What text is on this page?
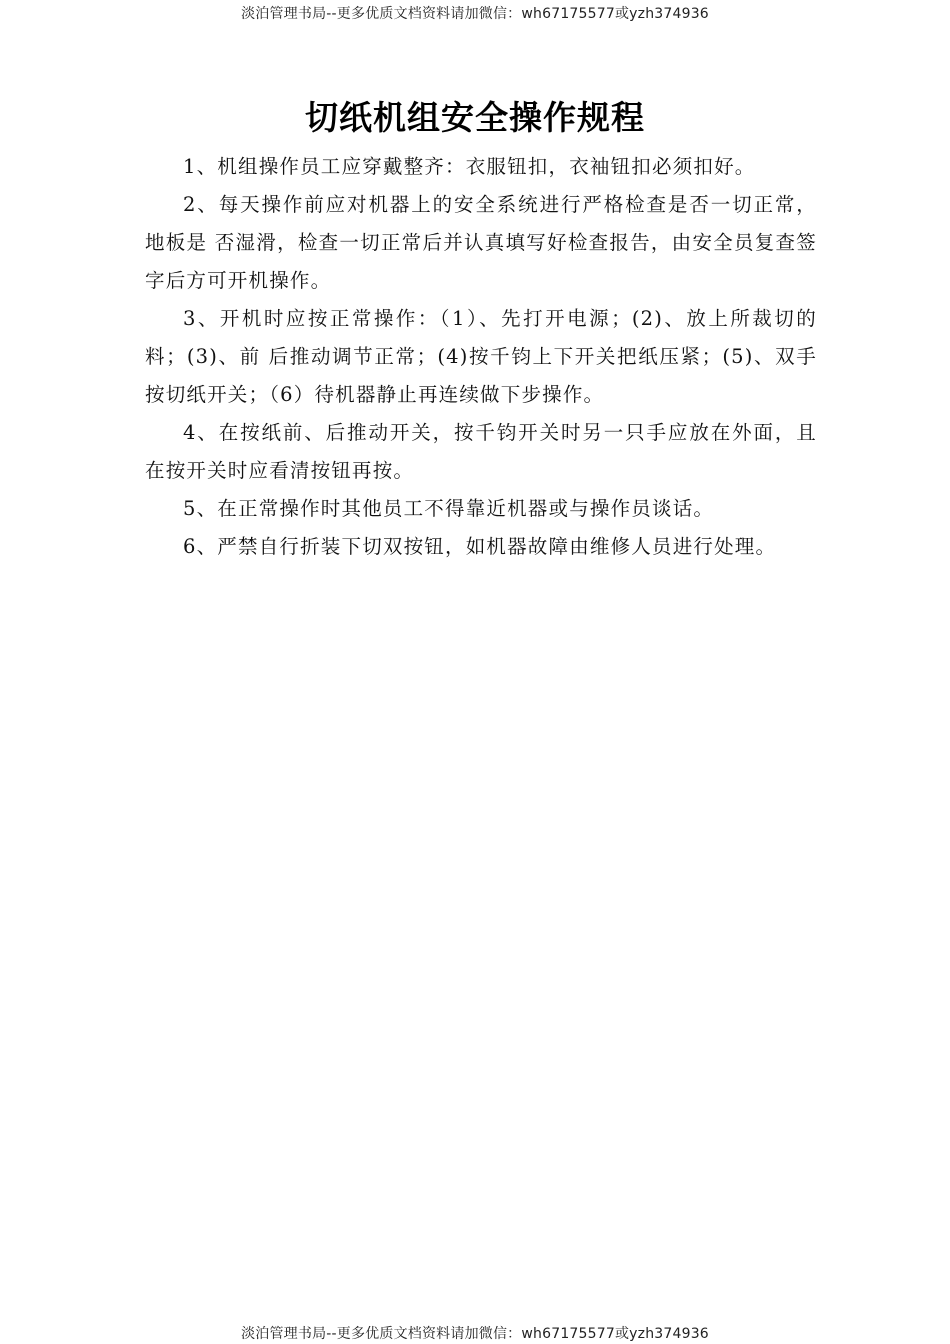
淡泊管理书局--更多优质文档资料请加微信：wh67175577或yzh374936
切纸机组安全操作规程

1、机组操作员工应穿戴整齐：衣服钮扣，衣袖钮扣必须扣好。

2、每天操作前应对机器上的安全系统进行严格检查是否一切正常，地板是 否湿滑，检查一切正常后并认真填写好检查报告，由安全员复查签字后方可开机操作。

3、开机时应按正常操作：（1）、先打开电源；(2)、放上所裁切的料；(3)、前 后推动调节正常；(4)按千钧上下开关把纸压紧；(5)、双手按切纸开关；（6）待机器静止再连续做下步操作。

4、在按纸前、后推动开关，按千钧开关时另一只手应放在外面，且在按开关时应看清按钮再按。

5、在正常操作时其他员工不得靠近机器或与操作员谈话。

6、严禁自行折装下切双按钮，如机器故障由维修人员进行处理。

淡泊管理书局--更多优质文档资料请加微信：wh67175577或yzh374936
